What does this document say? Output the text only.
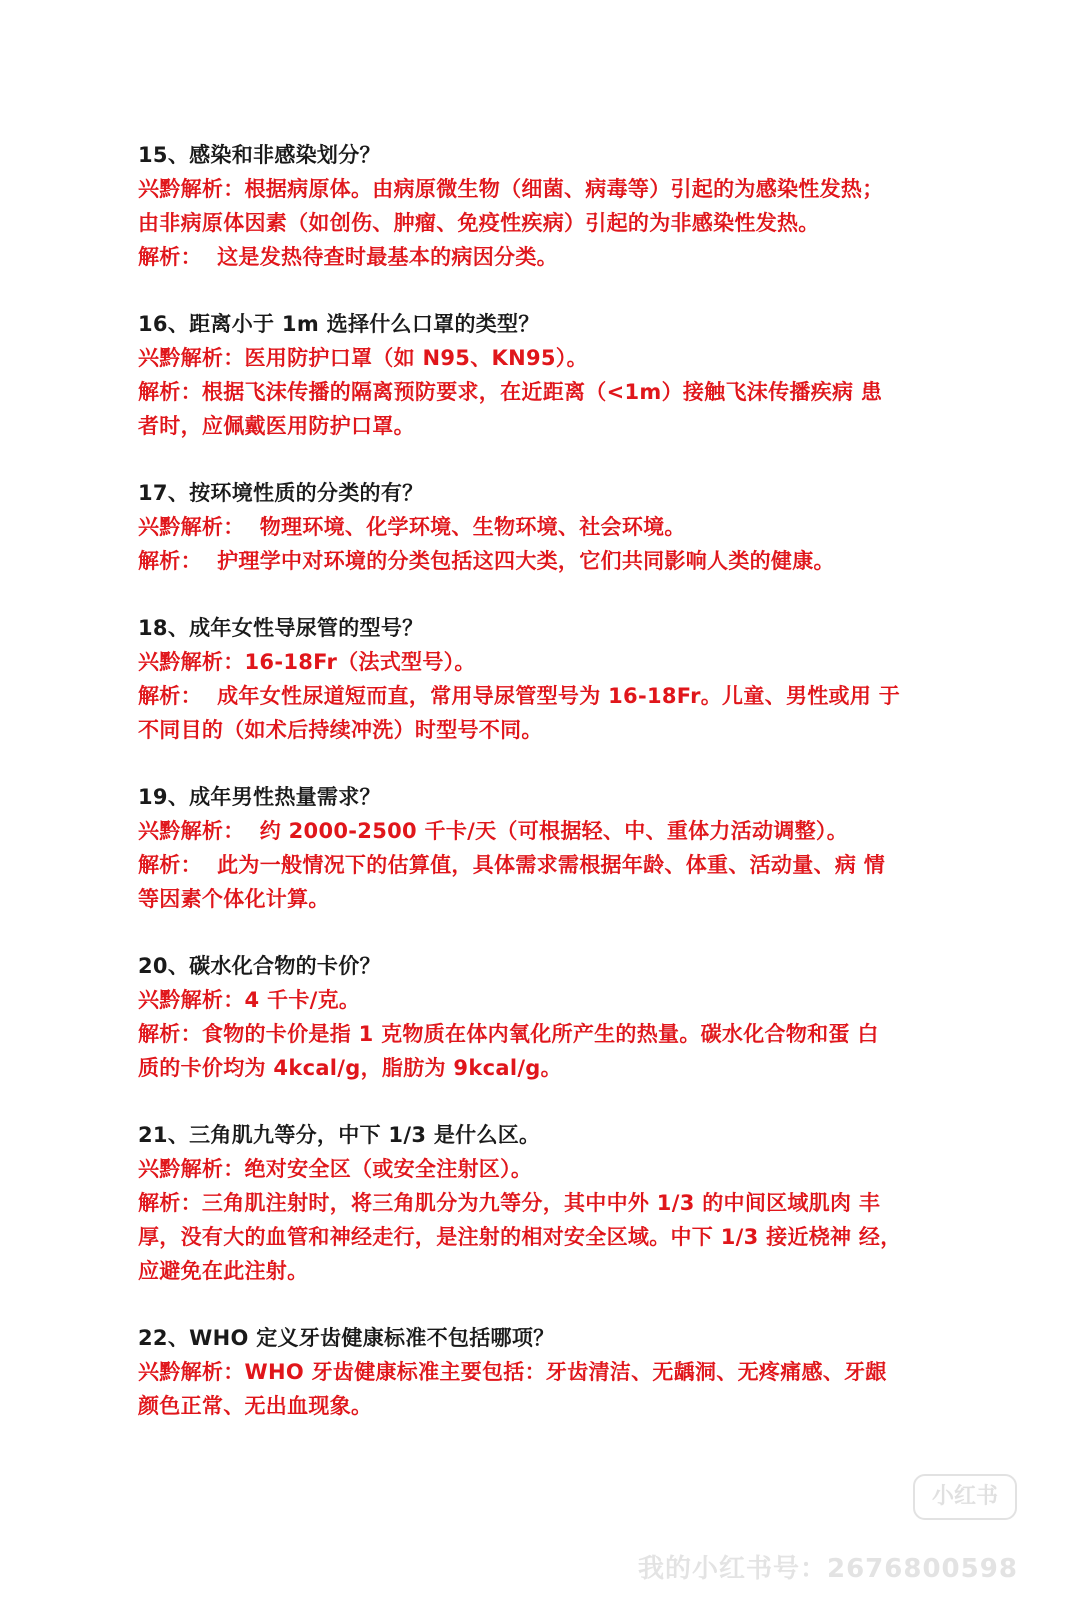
15、感染和非感染划分？
兴黔解析：根据病原体。由病原微生物（细菌、病毒等）引起的为感染性发热；
由非病原体因素（如创伤、肿瘤、免疫性疾病）引起的为非感染性发热。
解析：  这是发热待查时最基本的病因分类。
16、距离小于 1m 选择什么口罩的类型？
兴黔解析：医用防护口罩（如 N95、KN95）。
解析：根据飞沫传播的隔离预防要求，在近距离（<1m）接触飞沫传播疾病 患
者时，应佩戴医用防护口罩。
17、按环境性质的分类的有？
兴黔解析：  物理环境、化学环境、生物环境、社会环境。
解析：  护理学中对环境的分类包括这四大类，它们共同影响人类的健康。
18、成年女性导尿管的型号？
兴黔解析：16-18Fr（法式型号）。
解析：  成年女性尿道短而直，常用导尿管型号为 16-18Fr。儿童、男性或用 于
不同目的（如术后持续冲洗）时型号不同。
19、成年男性热量需求？
兴黔解析：  约 2000-2500 千卡/天（可根据轻、中、重体力活动调整）。
解析：  此为一般情况下的估算值，具体需求需根据年龄、体重、活动量、病 情
等因素个体化计算。
20、碳水化合物的卡价？
兴黔解析：4 千卡/克。
解析：食物的卡价是指 1 克物质在体内氧化所产生的热量。碳水化合物和蛋 白
质的卡价均为 4kcal/g，脂肪为 9kcal/g。
21、三角肌九等分，中下 1/3 是什么区。
兴黔解析：绝对安全区（或安全注射区）。
解析：三角肌注射时，将三角肌分为九等分，其中中外 1/3 的中间区域肌肉 丰
厚，没有大的血管和神经走行，是注射的相对安全区域。中下 1/3 接近桡神 经，
应避免在此注射。
22、WHO 定义牙齿健康标准不包括哪项？
兴黔解析：WHO 牙齿健康标准主要包括：牙齿清洁、无龋洞、无疼痛感、牙龈
颜色正常、无出血现象。
小红书
我的小红书号：2676800598
